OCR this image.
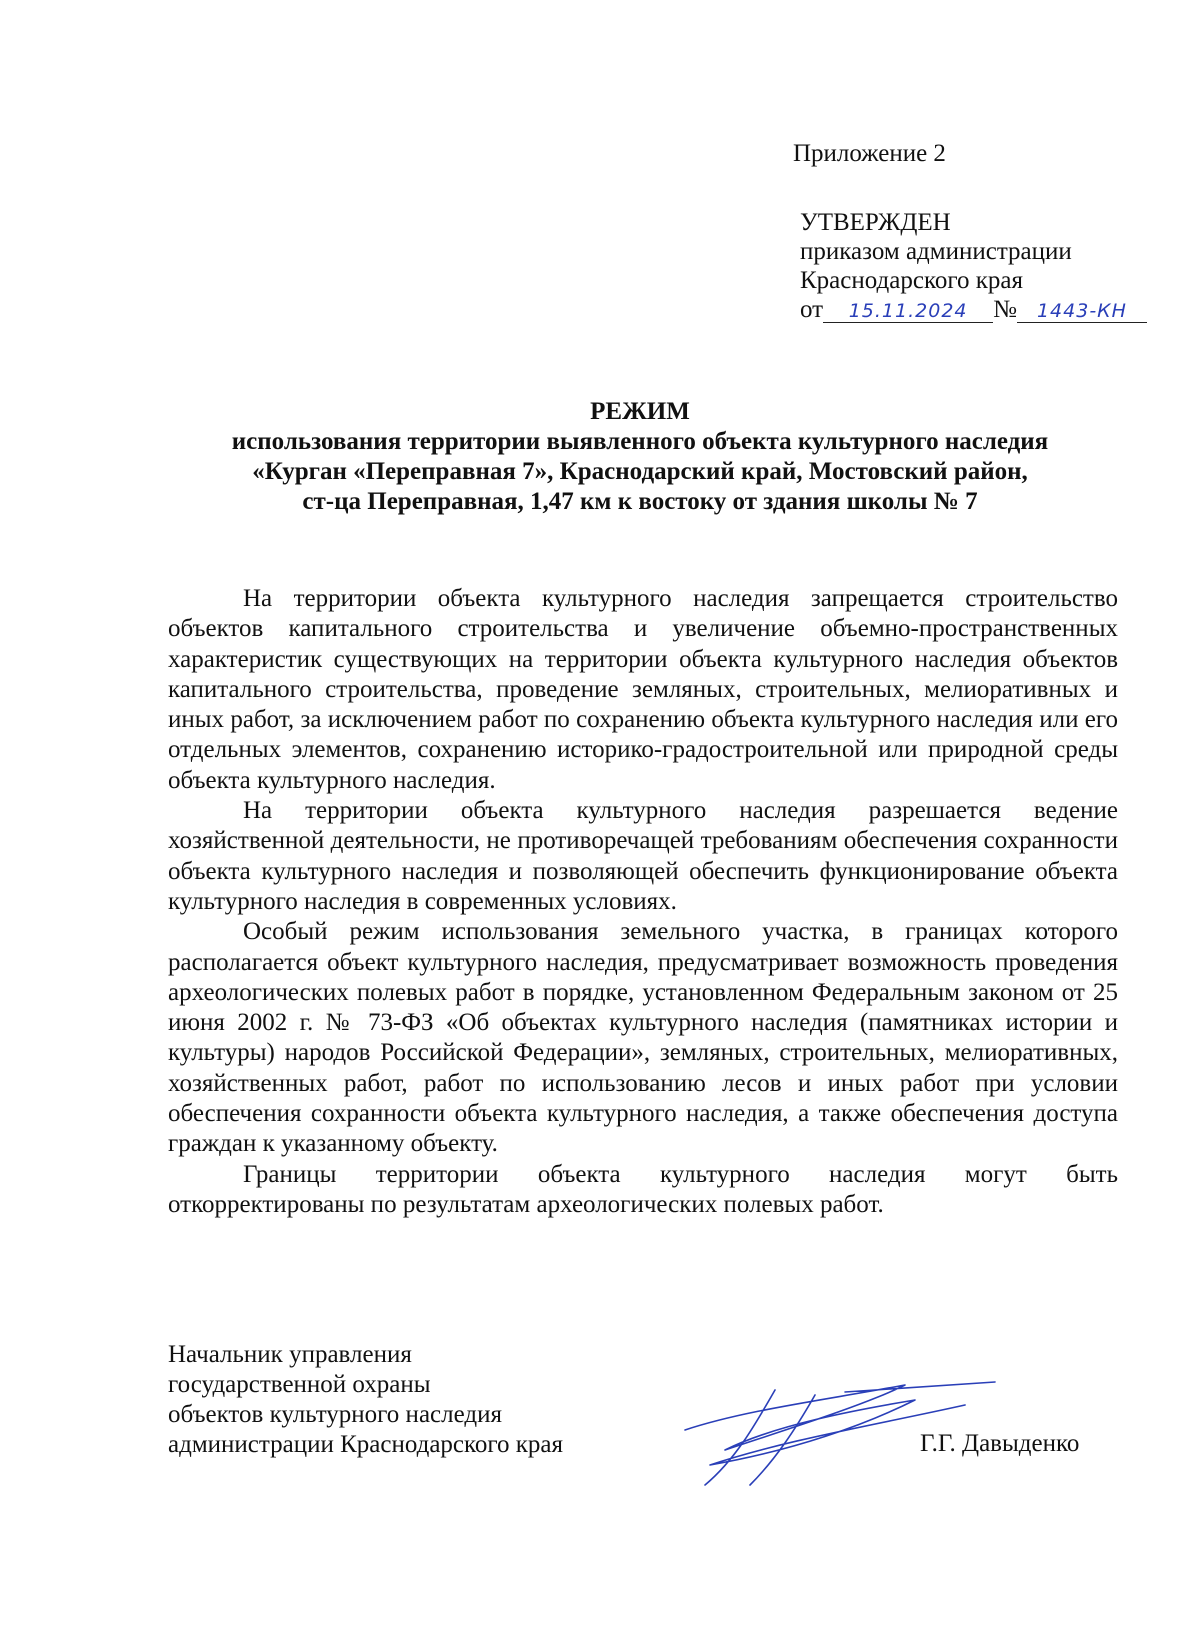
Приложение 2
УТВЕРЖДЕН
приказом администрации
Краснодарского края
от 15.11.2024 № 1443-КН
РЕЖИМ
использования территории выявленного объекта культурного наследия
«Курган «Переправная 7», Краснодарский край, Мостовский район,
ст-ца Переправная, 1,47 км к востоку от здания школы № 7

На территории объекта культурного наследия запрещается строительство объектов капитального строительства и увеличение объемно-пространственных характеристик существующих на территории объекта культурного наследия объектов капитального строительства, проведение земляных, строительных, мелиоративных и иных работ, за исключением работ по сохранению объекта культурного наследия или его отдельных элементов, сохранению историко-градостроительной или природной среды объекта культурного наследия.

На территории объекта культурного наследия разрешается ведение хозяйственной деятельности, не противоречащей требованиям обеспечения сохранности объекта культурного наследия и позволяющей обеспечить функционирование объекта культурного наследия в современных условиях.

Особый режим использования земельного участка, в границах которого располагается объект культурного наследия, предусматривает возможность проведения археологических полевых работ в порядке, установленном Федеральным законом от 25 июня 2002 г. № 73-ФЗ «Об объектах культурного наследия (памятниках истории и культуры) народов Российской Федерации», земляных, строительных, мелиоративных, хозяйственных работ, работ по использованию лесов и иных работ при условии обеспечения сохранности объекта культурного наследия, а также обеспечения доступа граждан к указанному объекту.

Границы территории объекта культурного наследия могут быть откорректированы по результатам археологических полевых работ.

Начальник управления
государственной охраны
объектов культурного наследия
администрации Краснодарского края	Г.Г. Давыденко
